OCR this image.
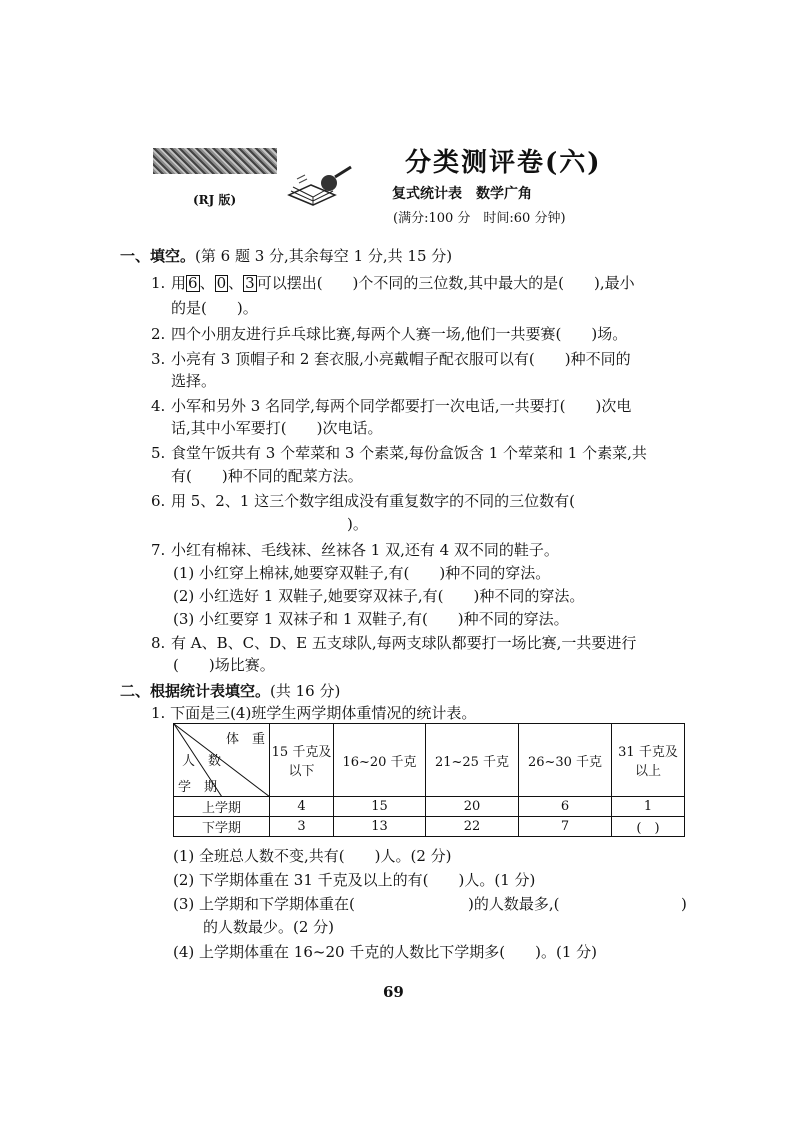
(RJ 版)
分类测评卷(六)
复式统计表 数学广角
(满分:100 分　时间:60 分钟)
一、填空。(第 6 题 3 分,其余每空 1 分,共 15 分)
1. 用 6 、 0 、 3 可以摆出(　　)个不同的三位数,其中最大的是(　　),最小
的是(　　)。
2. 四个小朋友进行乒乓球比赛,每两个人赛一场,他们一共要赛(　　)场。
3. 小亮有 3 顶帽子和 2 套衣服,小亮戴帽子配衣服可以有(　　)种不同的
选择。
4. 小军和另外 3 名同学,每两个同学都要打一次电话,一共要打(　　)次电
话,其中小军要打(　　)次电话。
5. 食堂午饭共有 3 个荤菜和 3 个素菜,每份盒饭含 1 个荤菜和 1 个素菜,共
有(　　)种不同的配菜方法。
6. 用 5、2、1 这三个数字组成没有重复数字的不同的三位数有(
)。
7. 小红有棉袜、毛线袜、丝袜各 1 双,还有 4 双不同的鞋子。
(1) 小红穿上棉袜,她要穿双鞋子,有(　　)种不同的穿法。
(2) 小红选好 1 双鞋子,她要穿双袜子,有(　　)种不同的穿法。
(3) 小红要穿 1 双袜子和 1 双鞋子,有(　　)种不同的穿法。
8. 有 A、B、C、D、E 五支球队,每两支球队都要打一场比赛,一共要进行
(　　)场比赛。
二、根据统计表填空。(共 16 分)
1. 下面是三(4)班学生两学期体重情况的统计表。
体　重
人　数
学　期	15 千克及以下	16~20 千克	21~25 千克	26~30 千克	31 千克及以上
上学期	4	15	20	6	1
下学期	3	13	22	7	(　)
(1) 全班总人数不变,共有(　　)人。(2 分)
(2) 下学期体重在 31 千克及以上的有(　　)人。(1 分)
(3) 上学期和下学期体重在(	)的人数最多,(	)
的人数最少。(2 分)
(4) 上学期体重在 16~20 千克的人数比下学期多(　　)。(1 分)
69
